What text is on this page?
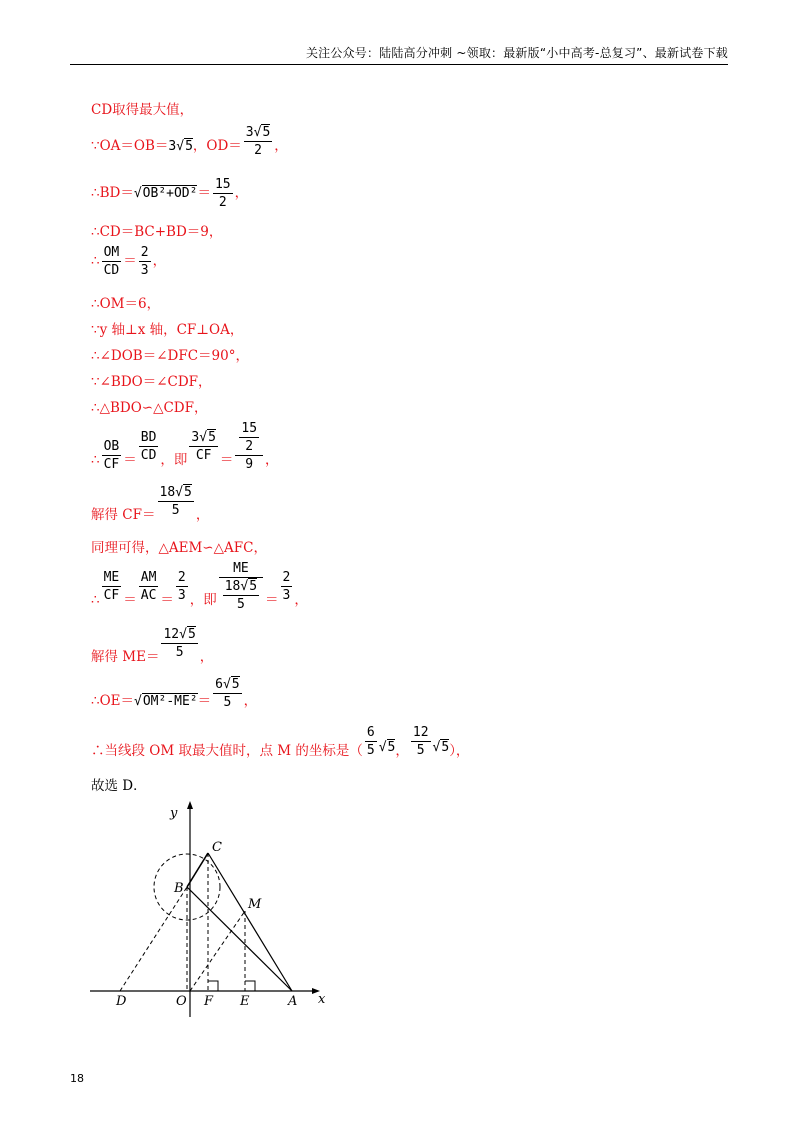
关注公众号：陆陆高分冲刺 ~领取：最新版“小中高考-总复习”、最新试卷下载
CD取得最大值，
∵OA＝OB＝3√5，$OD= \frac{3√5}{2}$ ，
∴BD＝√OB²+OD²＝ $\frac{15}{2}$ ，
∴CD＝BC+BD＝9，
∴ $\frac{OM}{CD} = \frac{2}{3}$ ，
∴OM＝6，
∵y 轴⊥x 轴，CF⊥OA，
∴∠DOB＝∠DFC＝90°，
∵∠BDO＝∠CDF，
∴△BDO∽△CDF，
∴ $\frac{OB}{CF} = \frac{BD}{CD}$ ，即 $\frac{3√5}{CF} = \frac{\frac{15}{2}}{9}$ ，
解得 $CF= \frac{18√5}{5}$ ，
同理可得，△AEM∽△AFC，
∴ $\frac{ME}{CF} = \frac{AM}{AC} = \frac{2}{3}$ ，即 $\frac{ME}{\frac{18√5}{5}} = \frac{2}{3}$ ，
解得 $ME= \frac{12√5}{5}$ ，
∴OE＝√OM²-ME²＝ $\frac{6√5}{5}$ ，
∴当线段 OM 取最大值时，点 M 的坐标是（ $\frac{6}{5} √5$， $\frac{12}{5} √5$），
故选 D．
y
x
C
B
M
D	O F E	A
18
